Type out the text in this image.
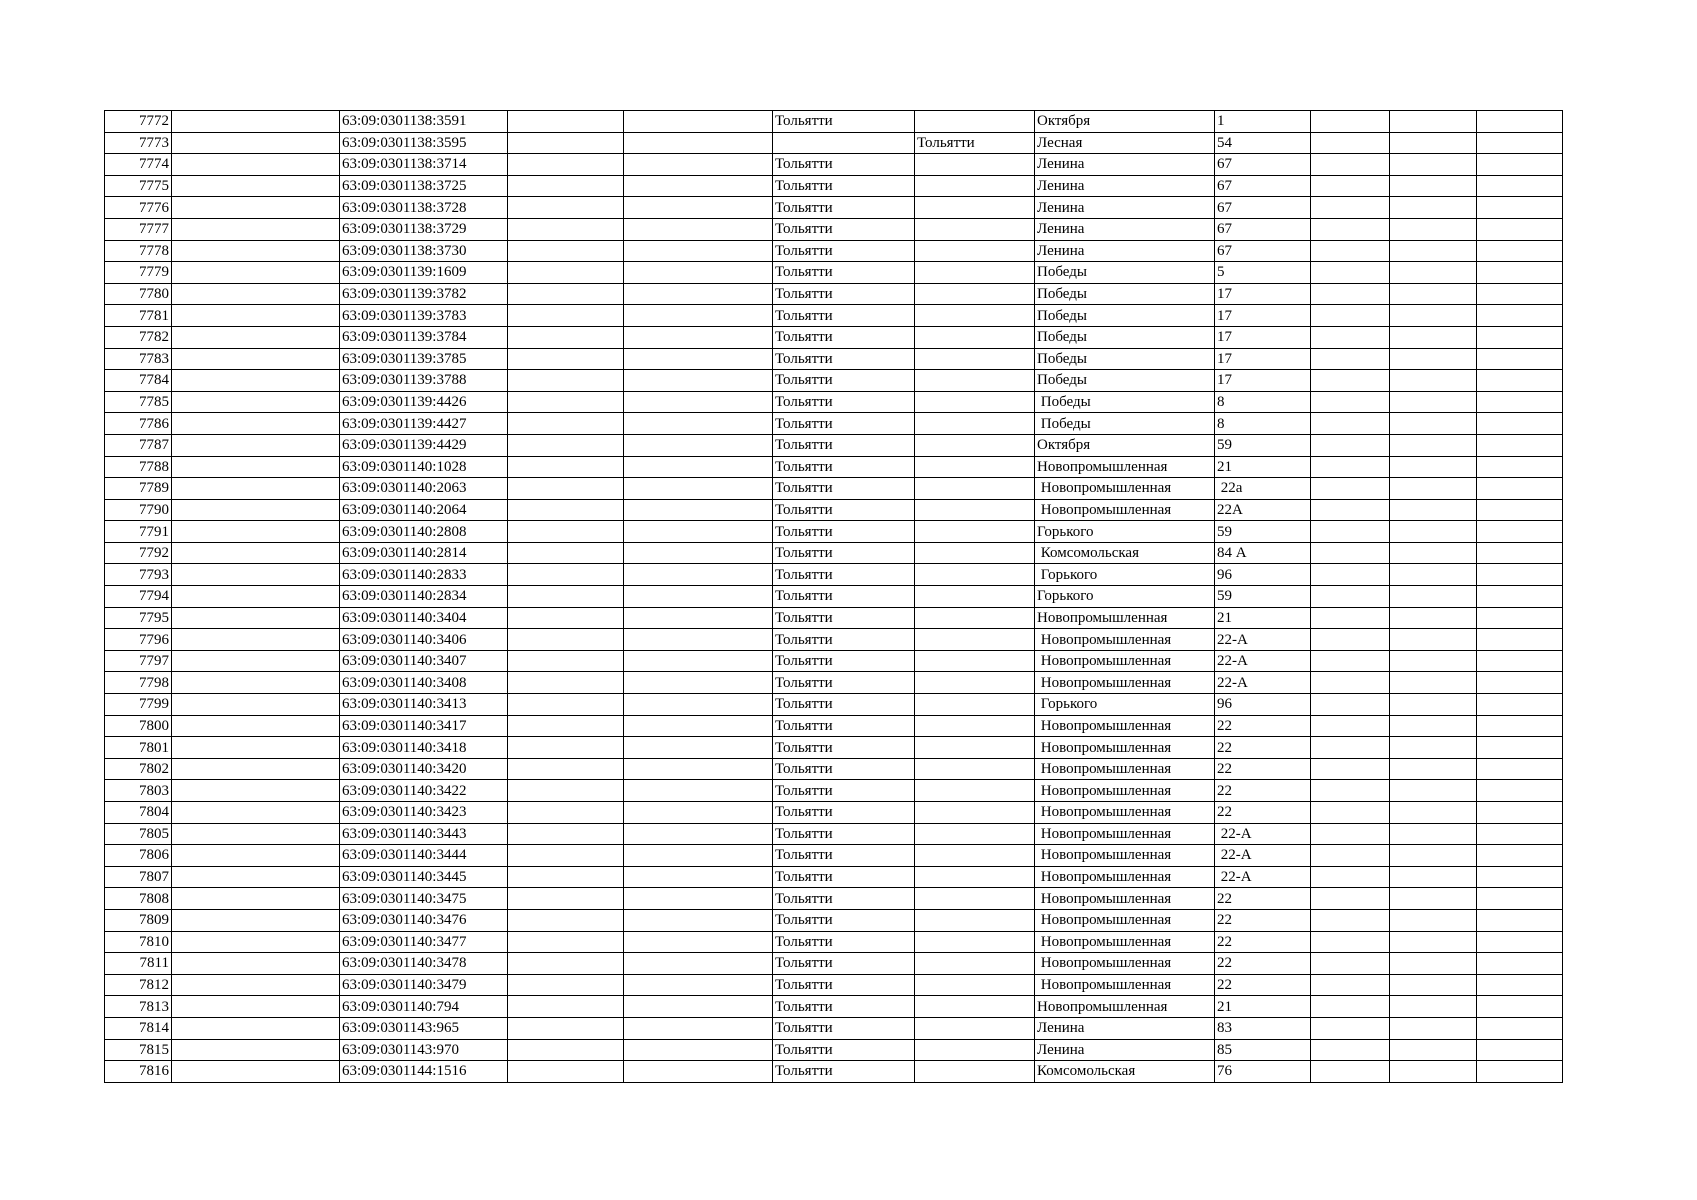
7772		63:09:0301138:3591			Тольятти		Октября	1			
7773		63:09:0301138:3595				Тольятти	Лесная	54			
7774		63:09:0301138:3714			Тольятти		Ленина	67			
7775		63:09:0301138:3725			Тольятти		Ленина	67			
7776		63:09:0301138:3728			Тольятти		Ленина	67			
7777		63:09:0301138:3729			Тольятти		Ленина	67			
7778		63:09:0301138:3730			Тольятти		Ленина	67			
7779		63:09:0301139:1609			Тольятти		Победы	5			
7780		63:09:0301139:3782			Тольятти		Победы	17			
7781		63:09:0301139:3783			Тольятти		Победы	17			
7782		63:09:0301139:3784			Тольятти		Победы	17			
7783		63:09:0301139:3785			Тольятти		Победы	17			
7784		63:09:0301139:3788			Тольятти		Победы	17			
7785		63:09:0301139:4426			Тольятти		Победы	8			
7786		63:09:0301139:4427			Тольятти		Победы	8			
7787		63:09:0301139:4429			Тольятти		Октября	59			
7788		63:09:0301140:1028			Тольятти		Новопромышленная	21			
7789		63:09:0301140:2063			Тольятти		Новопромышленная	22а			
7790		63:09:0301140:2064			Тольятти		Новопромышленная	22А			
7791		63:09:0301140:2808			Тольятти		Горького	59			
7792		63:09:0301140:2814			Тольятти		Комсомольская	84 А			
7793		63:09:0301140:2833			Тольятти		Горького	96			
7794		63:09:0301140:2834			Тольятти		Горького	59			
7795		63:09:0301140:3404			Тольятти		Новопромышленная	21			
7796		63:09:0301140:3406			Тольятти		Новопромышленная	22-А			
7797		63:09:0301140:3407			Тольятти		Новопромышленная	22-А			
7798		63:09:0301140:3408			Тольятти		Новопромышленная	22-А			
7799		63:09:0301140:3413			Тольятти		Горького	96			
7800		63:09:0301140:3417			Тольятти		Новопромышленная	22			
7801		63:09:0301140:3418			Тольятти		Новопромышленная	22			
7802		63:09:0301140:3420			Тольятти		Новопромышленная	22			
7803		63:09:0301140:3422			Тольятти		Новопромышленная	22			
7804		63:09:0301140:3423			Тольятти		Новопромышленная	22			
7805		63:09:0301140:3443			Тольятти		Новопромышленная	22-А			
7806		63:09:0301140:3444			Тольятти		Новопромышленная	22-А			
7807		63:09:0301140:3445			Тольятти		Новопромышленная	22-А			
7808		63:09:0301140:3475			Тольятти		Новопромышленная	22			
7809		63:09:0301140:3476			Тольятти		Новопромышленная	22			
7810		63:09:0301140:3477			Тольятти		Новопромышленная	22			
7811		63:09:0301140:3478			Тольятти		Новопромышленная	22			
7812		63:09:0301140:3479			Тольятти		Новопромышленная	22			
7813		63:09:0301140:794			Тольятти		Новопромышленная	21			
7814		63:09:0301143:965			Тольятти		Ленина	83			
7815		63:09:0301143:970			Тольятти		Ленина	85			
7816		63:09:0301144:1516			Тольятти		Комсомольская	76			
